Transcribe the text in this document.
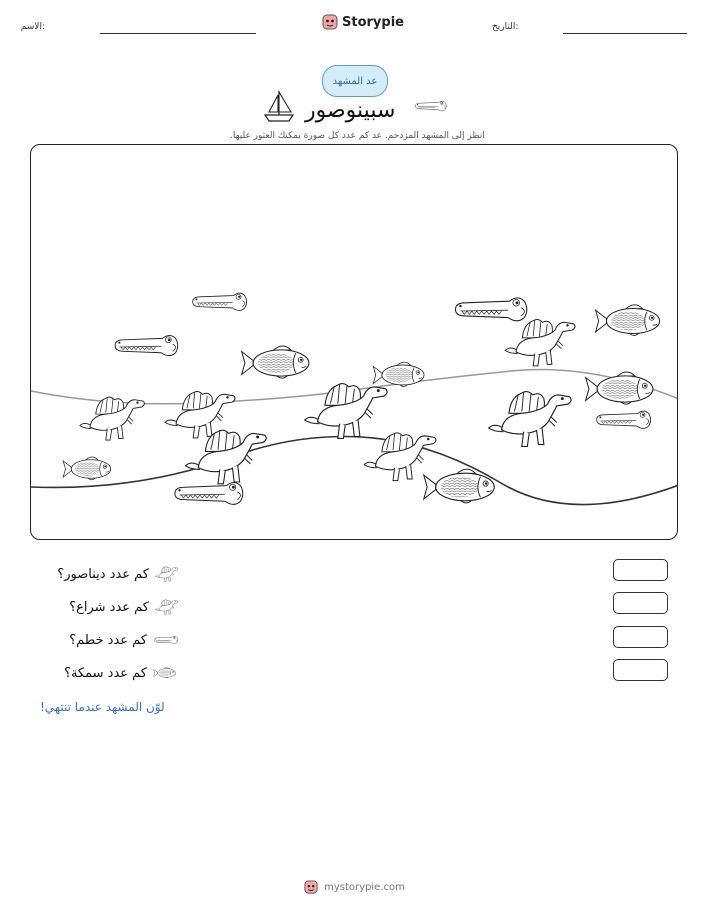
الاسم:	Storypie	التاريخ:
عد المشهد
سبينوصور
انظر إلى المشهد المزدحم. عد كم عدد كل صورة يمكنك العثور عليها.
كم عدد ديناصور؟
كم عدد شراع؟
كم عدد خطم؟
كم عدد سمكة؟
لوّن المشهد عندما تنتهي!
mystorypie.com
